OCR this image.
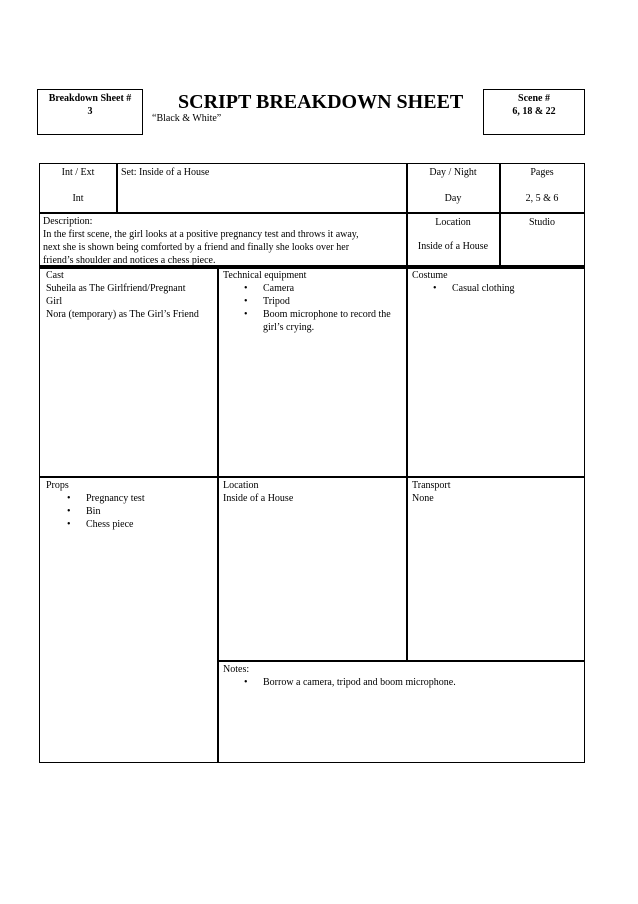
Breakdown Sheet #
3	SCRIPT BREAKDOWN SHEET
“Black & White”
Scene #
6, 18 & 22
Int / Ext
Int
Set: Inside of a House	Day / Night
Day
Pages
2, 5 & 6
Description:
In the first scene, the girl looks at a positive pregnancy test and throws it away,
next she is shown being comforted by a friend and finally she looks over her
friend’s shoulder and notices a chess piece.
Location
Inside of a House
Studio
Cast
Suheila as The Girlfriend/Pregnant
Girl
Nora (temporary) as The Girl’s Friend
Technical equipment
• Camera
• Tripod
• Boom microphone to record the
girl’s crying.
Costume
• Casual clothing
Props
• Pregnancy test
• Bin
• Chess piece
Location
Inside of a House
Transport
None
Notes:
• Borrow a camera, tripod and boom microphone.
